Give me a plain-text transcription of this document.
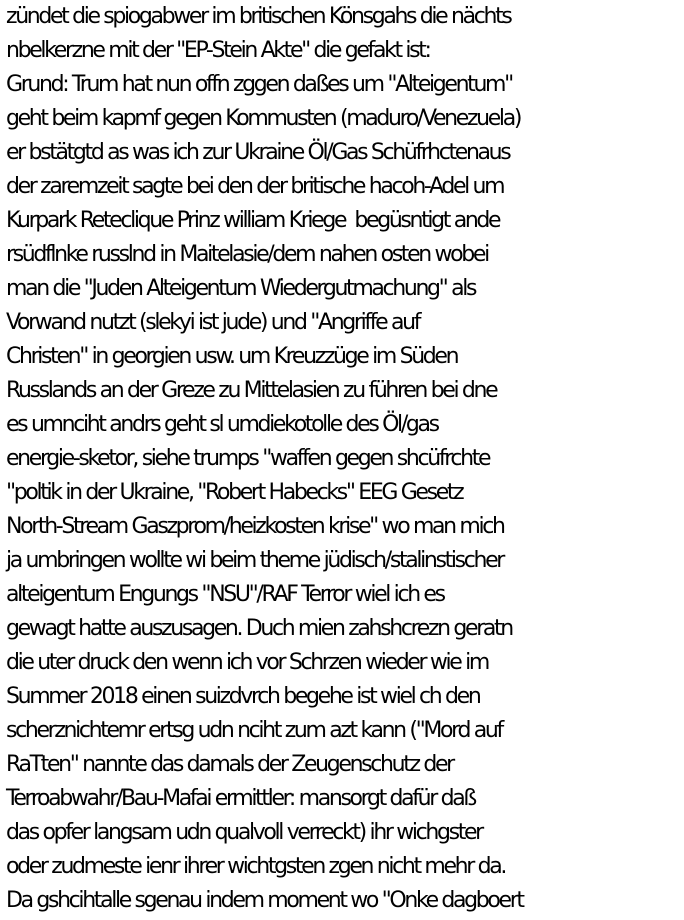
zündet die spiogabwer im britischen Könsgahs die nächts
nbelkerzne mit der "EP-Stein Akte" die gefakt ist:
Grund: Trum hat nun offn zggen daßes um "Alteigentum"
geht beim kapmf gegen Kommusten (maduro/Venezuela)
er bstätgtd as was ich zur Ukraine Öl/Gas Schüfrhctenaus
der zaremzeit sagte bei den der britische hacoh-Adel um
Kurpark Reteclique Prinz william Kriege  begüsntigt ande
rsüdflnke russlnd in Maitelasie/dem nahen osten wobei
man die "Juden Alteigentum Wiedergutmachung" als
Vorwand nutzt (slekyi ist jude) und "Angriffe auf
Christen" in georgien usw. um Kreuzzüge im Süden
Russlands an der Greze zu Mittelasien zu führen bei dne
es umnciht andrs geht sl umdiekotolle des Öl/gas
energie-sketor, siehe trumps "waffen gegen shcüfrchte
"poltik in der Ukraine, "Robert Habecks" EEG Gesetz
North-Stream Gaszprom/heizkosten krise" wo man mich
ja umbringen wollte wi beim theme jüdisch/stalinstischer
alteigentum Engungs "NSU"/RAF Terror wiel ich es
gewagt hatte auszusagen. Duch mien zahshcrezn geratn
die uter druck den wenn ich vor Schrzen wieder wie im
Summer 2018 einen suizdvrch begehe ist wiel ch den
scherznichtemr ertsg udn nciht zum azt kann ("Mord auf
RaTten" nannte das damals der Zeugenschutz der
Terroabwahr/Bau-Mafai ermittler: mansorgt dafür daß
das opfer langsam udn qualvoll verreckt) ihr wichgster
oder zudmeste ienr ihrer wichtgsten zgen nicht mehr da.
Da gshcihtalle sgenau indem moment wo "Onke dagboert
